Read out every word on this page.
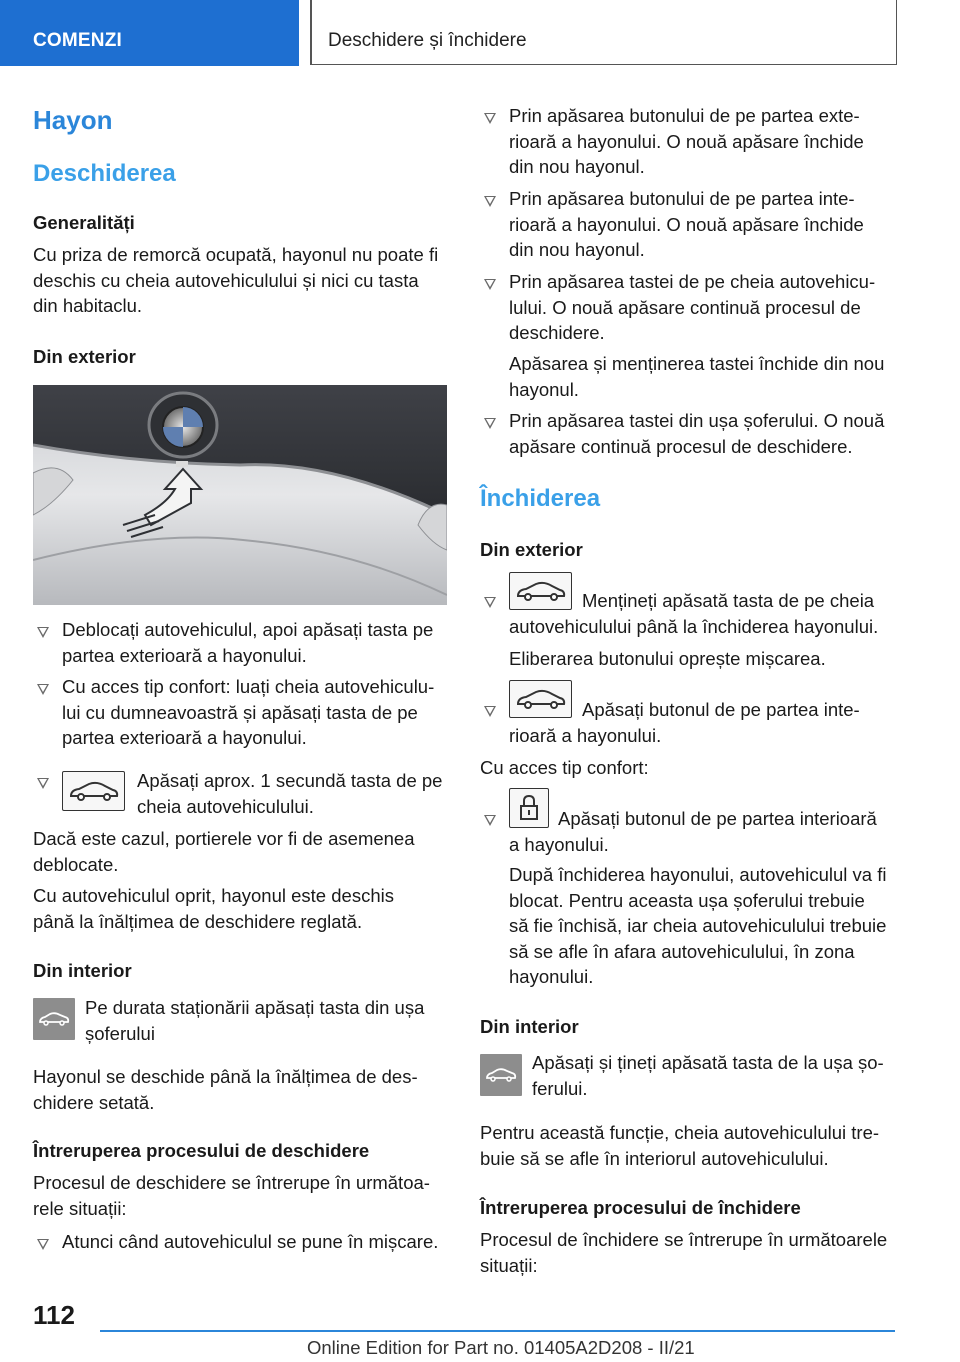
COMENZI	Deschidere și închidere
Hayon
Deschiderea
Generalități
Cu priza de remorcă ocupată, hayonul nu poate fi
deschis cu cheia autovehiculului și nici cu tasta
din habitaclu.
Din exterior
Deblocați autovehiculul, apoi apăsați tasta pe
partea exterioară a hayonului.
Cu acces tip confort: luați cheia autovehiculu-
lui cu dumneavoastră și apăsați tasta de pe
partea exterioară a hayonului.
Apăsați aprox. 1 secundă tasta de pe
cheia autovehiculului.
Dacă este cazul, portierele vor fi de asemenea
deblocate.
Cu autovehiculul oprit, hayonul este deschis
până la înălțimea de deschidere reglată.
Din interior
Pe durata staționării apăsați tasta din ușa
șoferului
Hayonul se deschide până la înălțimea de des-
chidere setată.
Întreruperea procesului de deschidere
Procesul de deschidere se întrerupe în următoa-
rele situații:
Atunci când autovehiculul se pune în mișcare.
Prin apăsarea butonului de pe partea exte-
rioară a hayonului. O nouă apăsare închide
din nou hayonul.
Prin apăsarea butonului de pe partea inte-
rioară a hayonului. O nouă apăsare închide
din nou hayonul.
Prin apăsarea tastei de pe cheia autovehicu-
lului. O nouă apăsare continuă procesul de
deschidere.
Apăsarea și menținerea tastei închide din nou
hayonul.
Prin apăsarea tastei din ușa șoferului. O nouă
apăsare continuă procesul de deschidere.
Închiderea
Din exterior
Mențineți apăsată tasta de pe cheia
autovehiculului până la închiderea hayonului.
Eliberarea butonului oprește mișcarea.
Apăsați butonul de pe partea inte-
rioară a hayonului.
Cu acces tip confort:
Apăsați butonul de pe partea interioară
a hayonului.
După închiderea hayonului, autovehiculul va fi
blocat. Pentru aceasta ușa șoferului trebuie
să fie închisă, iar cheia autovehiculului trebuie
să se afle în afara autovehiculului, în zona
hayonului.
Din interior
Apăsați și țineți apăsată tasta de la ușa șo-
ferului.
Pentru această funcție, cheia autovehiculului tre-
buie să se afle în interiorul autovehiculului.
Întreruperea procesului de închidere
Procesul de închidere se întrerupe în următoarele
situații:
112
Online Edition for Part no. 01405A2D208 - II/21
